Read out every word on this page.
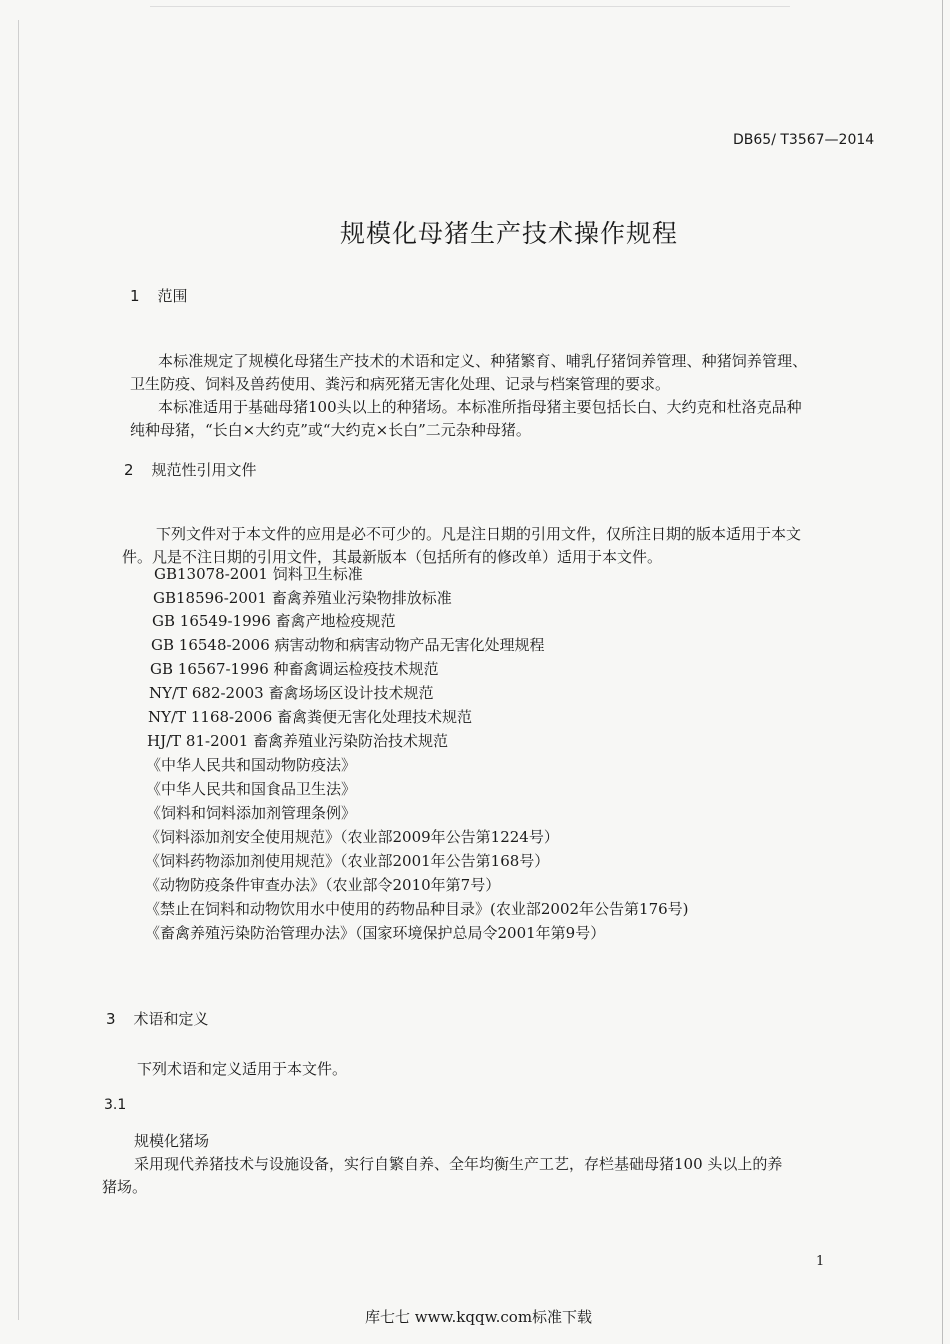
DB65/ T3567—2014
规模化母猪生产技术操作规程
1 范围
本标准规定了规模化母猪生产技术的术语和定义、种猪繁育、哺乳仔猪饲养管理、种猪饲养管理、
卫生防疫、饲料及兽药使用、粪污和病死猪无害化处理、记录与档案管理的要求。
本标准适用于基础母猪100头以上的种猪场。本标准所指母猪主要包括长白、大约克和杜洛克品种
纯种母猪，“长白×大约克”或“大约克×长白”二元杂种母猪。
2 规范性引用文件
下列文件对于本文件的应用是必不可少的。凡是注日期的引用文件，仅所注日期的版本适用于本文
件。凡是不注日期的引用文件，其最新版本（包括所有的修改单）适用于本文件。
GB13078-2001 饲料卫生标准
GB18596-2001 畜禽养殖业污染物排放标准
GB 16549-1996 畜禽产地检疫规范
GB 16548-2006 病害动物和病害动物产品无害化处理规程
GB 16567-1996 种畜禽调运检疫技术规范
NY/T 682-2003 畜禽场场区设计技术规范
NY/T 1168-2006 畜禽粪便无害化处理技术规范
HJ/T 81-2001 畜禽养殖业污染防治技术规范
《中华人民共和国动物防疫法》
《中华人民共和国食品卫生法》
《饲料和饲料添加剂管理条例》
《饲料添加剂安全使用规范》（农业部2009年公告第1224号）
《饲料药物添加剂使用规范》（农业部2001年公告第168号）
《动物防疫条件审查办法》（农业部令2010年第7号）
《禁止在饲料和动物饮用水中使用的药物品种目录》(农业部2002年公告第176号)
《畜禽养殖污染防治管理办法》（国家环境保护总局令2001年第9号）
3 术语和定义
下列术语和定义适用于本文件。
3.1
规模化猪场
采用现代养猪技术与设施设备，实行自繁自养、全年均衡生产工艺，存栏基础母猪100 头以上的养
猪场。
1
库七七 www.kqqw.com标准下载
